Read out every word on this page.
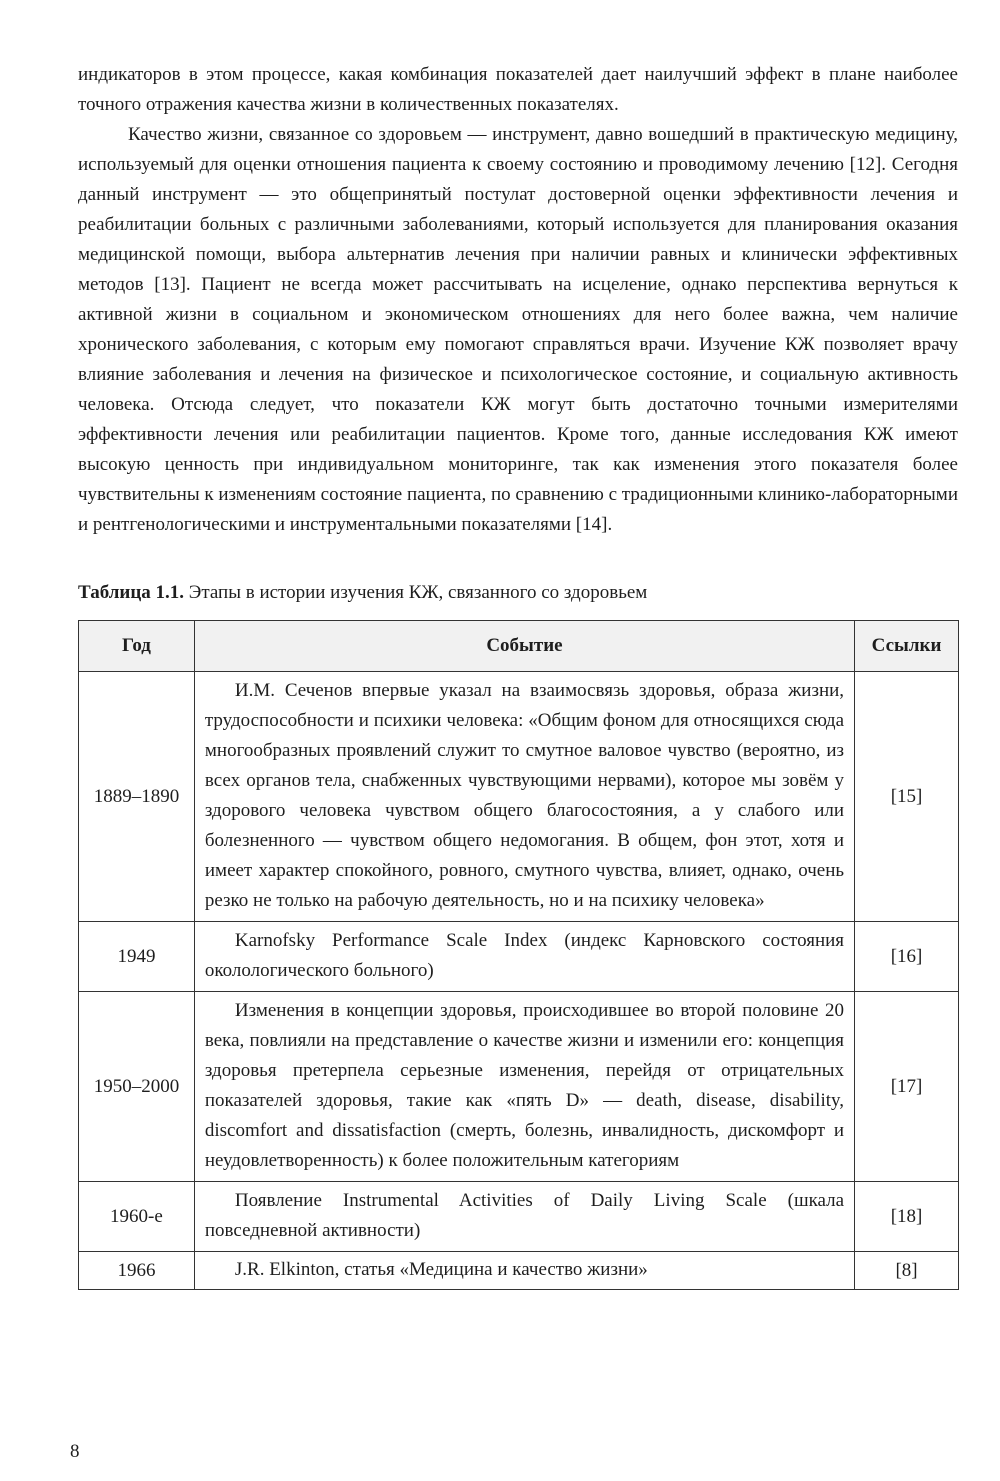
индикаторов в этом процессе, какая комбинация показателей дает наилучший эффект в плане наиболее точного отражения качества жизни в количественных показателях.

Качество жизни, связанное со здоровьем — инструмент, давно вошедший в практическую медицину, используемый для оценки отношения пациента к своему состоянию и проводимому лечению [12]. Сегодня данный инструмент — это общепринятый постулат достоверной оценки эффективности лечения и реабилитации больных с различными заболеваниями, который используется для планирования оказания медицинской помощи, выбора альтернатив лечения при наличии равных и клинически эффективных методов [13]. Пациент не всегда может рассчитывать на исцеление, однако перспектива вернуться к активной жизни в социальном и экономическом отношениях для него более важна, чем наличие хронического заболевания, с которым ему помогают справляться врачи. Изучение КЖ позволяет врачу влияние заболевания и лечения на физическое и психологическое состояние, и социальную активность человека. Отсюда следует, что показатели КЖ могут быть достаточно точными измерителями эффективности лечения или реабилитации пациентов. Кроме того, данные исследования КЖ имеют высокую ценность при индивидуальном мониторинге, так как изменения этого показателя более чувствительны к изменениям состояние пациента, по сравнению с традиционными клинико-лабораторными и рентгенологическими и инструментальными показателями [14].

Таблица 1.1. Этапы в истории изучения КЖ, связанного со здоровьем
Год	Событие	Ссылки
1889–1890	И.М. Сеченов впервые указал на взаимосвязь здоровья, образа жизни, трудоспособности и психики человека: «Общим фоном для относящихся сюда многообразных проявлений служит то смутное валовое чувство (вероятно, из всех органов тела, снабженных чувствующими нервами), которое мы зовём у здорового человека чувством общего благосостояния, а у слабого или болезненного — чувством общего недомогания. В общем, фон этот, хотя и имеет характер спокойного, ровного, смутного чувства, влияет, однако, очень резко не только на рабочую деятельность, но и на психику человека»	[15]
1949	Karnofsky Performance Scale Index (индекс Карновского состояния околологического больного)	[16]
1950–2000	Изменения в концепции здоровья, происходившее во второй половине 20 века, повлияли на представление о качестве жизни и изменили его: концепция здоровья претерпела серьезные изменения, перейдя от отрицательных показателей здоровья, такие как «пять D» — death, disease, disability, discomfort and dissatisfaction (смерть, болезнь, инвалидность, дискомфорт и неудовлетворенность) к более положительным категориям	[17]
1960-е	Появление Instrumental Activities of Daily Living Scale (шкала повседневной активности)	[18]
1966	J.R. Elkinton, статья «Медицина и качество жизни»	[8]
8
